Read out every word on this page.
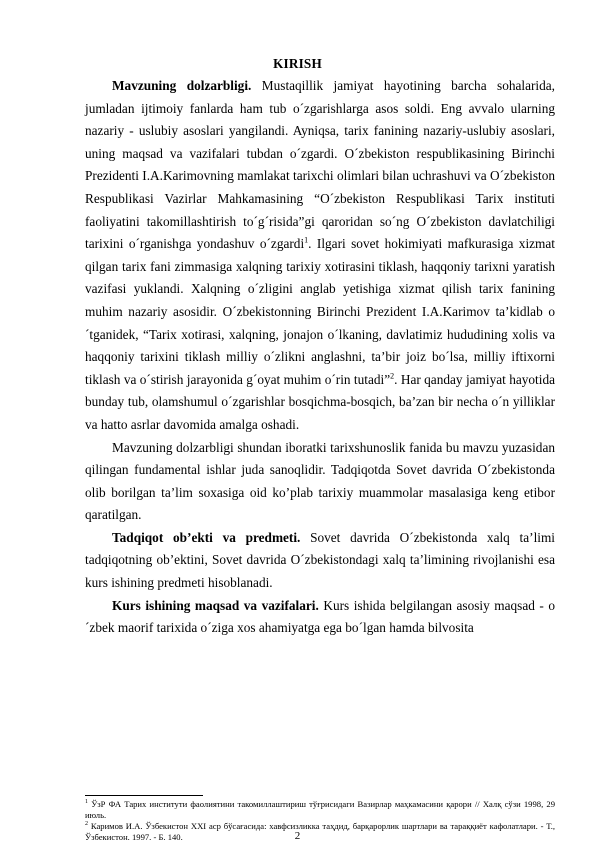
KIRISH

Mavzuning dolzarbligi. Mustaqillik jamiyat hayotining barcha sohalarida, jumladan ijtimoiy fanlarda ham tub o´zgarishlarga asos soldi. Eng avvalo ularning nazariy - uslubiy asoslari yangilandi. Ayniqsa, tarix fanining nazariy-uslubiy asoslari, uning maqsad va vazifalari tubdan o´zgardi. O´zbekiston respublikasining Birinchi Prezidenti I.A.Karimovning mamlakat tarixchi olimlari bilan uchrashuvi va O´zbekiston Respublikasi Vazirlar Mahkamasining “O´zbekiston Respublikasi Tarix instituti faoliyatini takomillashtirish to´g´risida”gi qaroridan so´ng O´zbekiston davlatchiligi tarixini o´rganishga yondashuv o´zgardi$^1$. Ilgari sovet hokimiyati mafkurasiga xizmat qilgan tarix fani zimmasiga xalqning tarixiy xotirasini tiklash, haqqoniy tarixni yaratish vazifasi yuklandi. Xalqning o´zligini anglab yetishiga xizmat qilish tarix fanining muhim nazariy asosidir. O´zbekistonning Birinchi Prezident I.A.Karimov ta’kidlab o´tganidek, “Tarix xotirasi, xalqning, jonajon o´lkaning, davlatimiz hududining xolis va haqqoniy tarixini tiklash milliy o´zlikni anglashni, ta’bir joiz bo´lsa, milliy iftixorni tiklash va o´stirish jarayonida g´oyat muhim o´rin tutadi”$^2$. Har qanday jamiyat hayotida bunday tub, olamshumul o´zgarishlar bosqichma-bosqich, ba’zan bir necha o´n yilliklar va hatto asrlar davomida amalga oshadi.

Mavzuning dolzarbligi shundan iboratki tarixshunoslik fanida bu mavzu yuzasidan qilingan fundamental ishlar juda sanoqlidir. Tadqiqotda Sovet davrida O´zbekistonda olib borilgan ta’lim soxasiga oid ko’plab tarixiy muammolar masalasiga keng etibor qaratilgan.

Tadqiqot ob’ekti va predmeti. Sovet davrida O´zbekistonda xalq ta’limi tadqiqotning ob’ektini, Sovet davrida O´zbekistondagi xalq ta’limining rivojlanishi esa kurs ishining predmeti hisoblanadi.

Kurs ishining maqsad va vazifalari. Kurs ishida belgilangan asosiy maqsad - o´zbek maorif tarixida o´ziga xos ahamiyatga ega bo´lgan hamda bilvosita

$^1$ ЎзР ФА Тарих институти фаолиятини такомиллаштириш тўғрисидаги Вазирлар маҳкамасини қарори // Халқ сўзи 1998, 29 июль.

$^2$ Каримов И.А. Ўзбекистон XXI аср бўсағасида: хавфсизликка таҳдид, барқарорлик шартлари ва тараққиёт кафолатлари. - Т., Ўзбекистон. 1997. - Б. 140.	2
